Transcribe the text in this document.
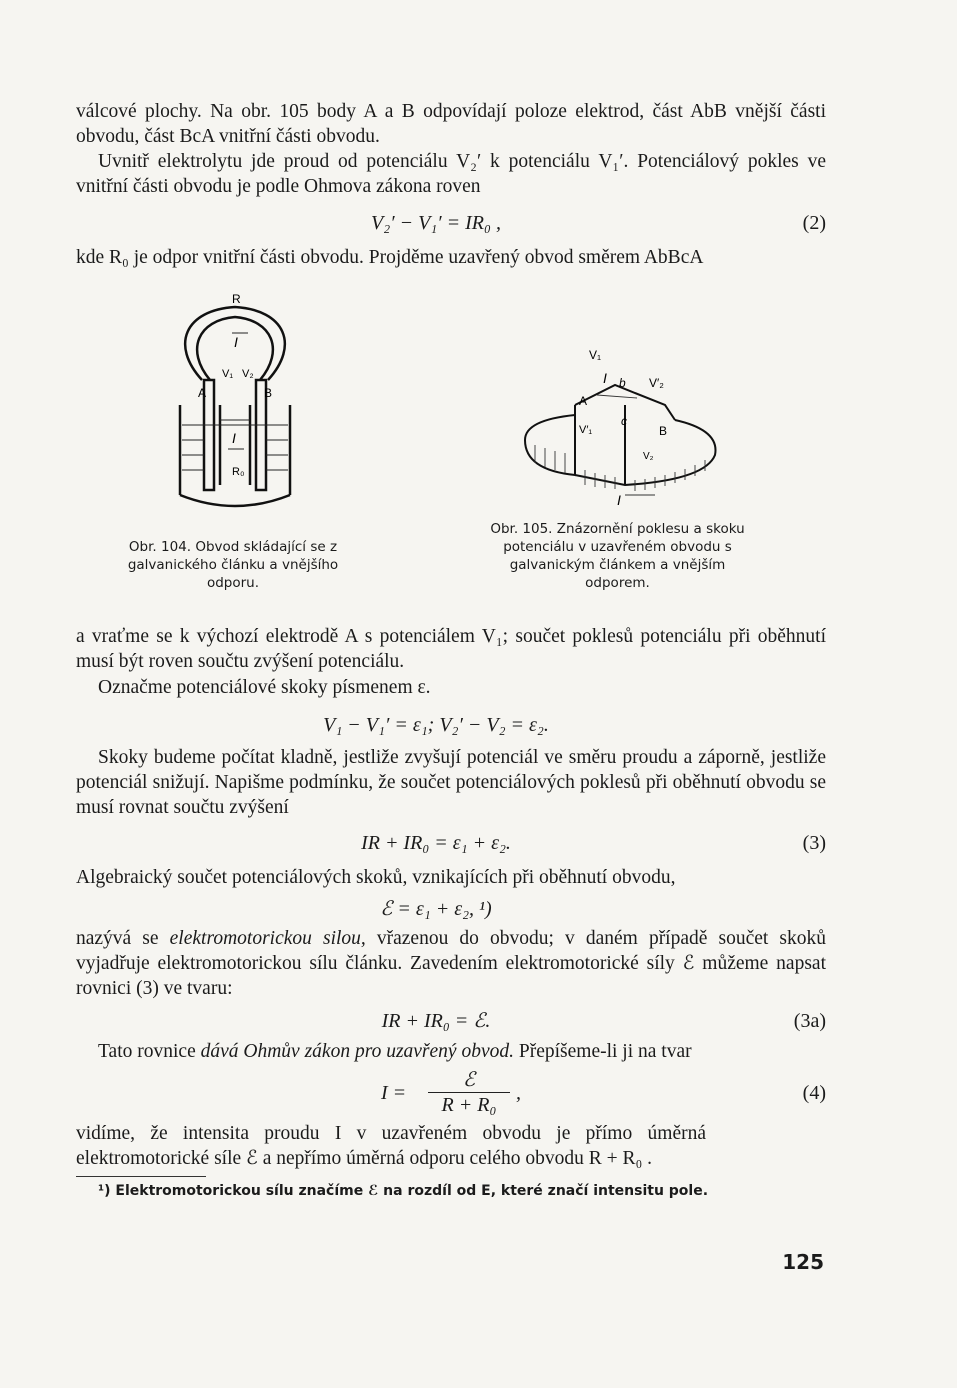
válcové plochy. Na obr. 105 body A a B odpovídají poloze elektrod, část AbB vnější části obvodu, část BcA vnitřní části obvodu.

Uvnitř elektrolytu jde proud od potenciálu V₂′ k potenciálu V₁′. Potenciálový pokles ve vnitřní části obvodu je podle Ohmova zákona roven

V₂′ − V₁′ = IR₀ ,	(2)

kde R₀ je odpor vnitřní části obvodu. Projděme uzavřený obvod směrem AbBcA

R
I
V₁ V₂
A	B
I
R₀

Obr. 104. Obvod skládající se z galvanického článku a vnějšího odporu.

V₁
I b V′₂
A
V′₁
c
B
V₂
I

Obr. 105. Znázornění poklesu a skoku potenciálu v uzavřeném obvodu s galvanickým článkem a vnějším odporem.

a vraťme se k výchozí elektrodě A s potenciálem V₁; součet poklesů potenciálu při oběhnutí musí být roven součtu zvýšení potenciálu.

Označme potenciálové skoky písmenem ε.

V₁ − V₁′ = ε₁; V₂′ − V₂ = ε₂.

Skoky budeme počítat kladně, jestliže zvyšují potenciál ve směru proudu a záporně, jestliže potenciál snižují. Napišme podmínku, že součet potenciálových poklesů při oběhnutí obvodu se musí rovnat součtu zvýšení

IR + IR₀ = ε₁ + ε₂.	(3)

Algebraický součet potenciálových skoků, vznikajících při oběhnutí obvodu,

ℰ = ε₁ + ε₂, ¹)

nazývá se elektromotorickou silou, vřazenou do obvodu; v daném případě součet skoků vyjadřuje elektromotorickou sílu článku. Zavedením elektromotorické síly ℰ můžeme napsat rovnici (3) ve tvaru:

IR + IR₀ = ℰ.	(3a)

Tato rovnice dává Ohmův zákon pro uzavřený obvod. Přepíšeme-li ji na tvar

I =
ℰ
R + R₀
,	(4)

vidíme, že intensita proudu I v uzavřeném obvodu je přímo úměrná elektromotorické síle ℰ a nepřímo úměrná odporu celého obvodu R + R₀ .

¹) Elektromotorickou sílu značíme ℰ na rozdíl od E, které značí intensitu pole.

125
